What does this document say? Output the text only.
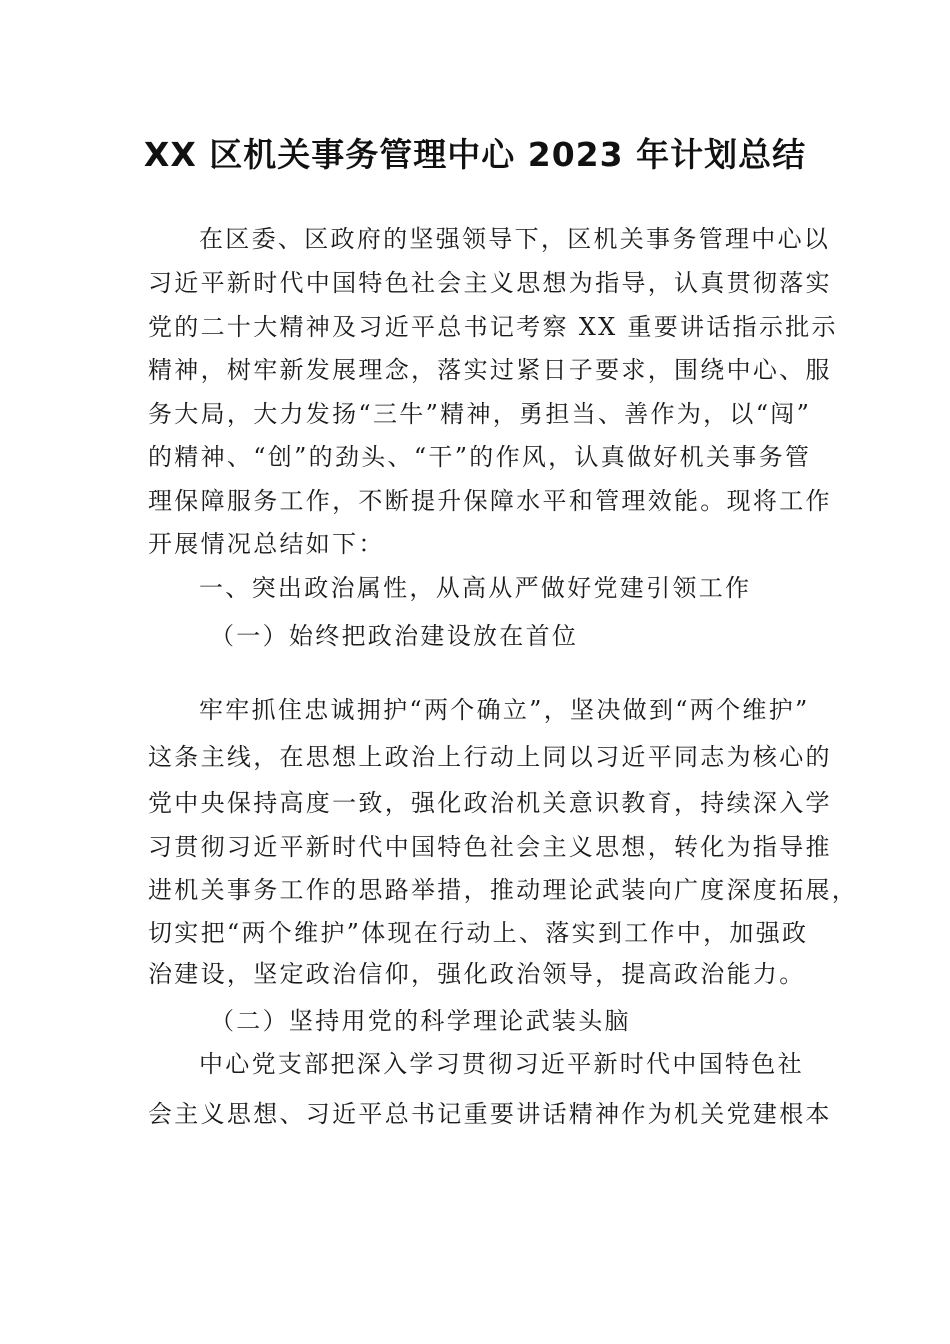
XX 区机关事务管理中心 2023 年计划总结
在区委、区政府的坚强领导下，区机关事务管理中心以
习近平新时代中国特色社会主义思想为指导，认真贯彻落实
党的二十大精神及习近平总书记考察 XX 重要讲话指示批示
精神，树牢新发展理念，落实过紧日子要求，围绕中心、服
务大局，大力发扬“三牛”精神，勇担当、善作为，以“闯”
的精神、“创”的劲头、“干”的作风，认真做好机关事务管
理保障服务工作，不断提升保障水平和管理效能。现将工作
开展情况总结如下：
一、突出政治属性，从高从严做好党建引领工作
（一）始终把政治建设放在首位
牢牢抓住忠诚拥护“两个确立”，坚决做到“两个维护”
这条主线，在思想上政治上行动上同以习近平同志为核心的
党中央保持高度一致，强化政治机关意识教育，持续深入学
习贯彻习近平新时代中国特色社会主义思想，转化为指导推
进机关事务工作的思路举措，推动理论武装向广度深度拓展，
切实把“两个维护”体现在行动上、落实到工作中，加强政
治建设，坚定政治信仰，强化政治领导，提高政治能力。
（二）坚持用党的科学理论武装头脑
中心党支部把深入学习贯彻习近平新时代中国特色社
会主义思想、习近平总书记重要讲话精神作为机关党建根本
